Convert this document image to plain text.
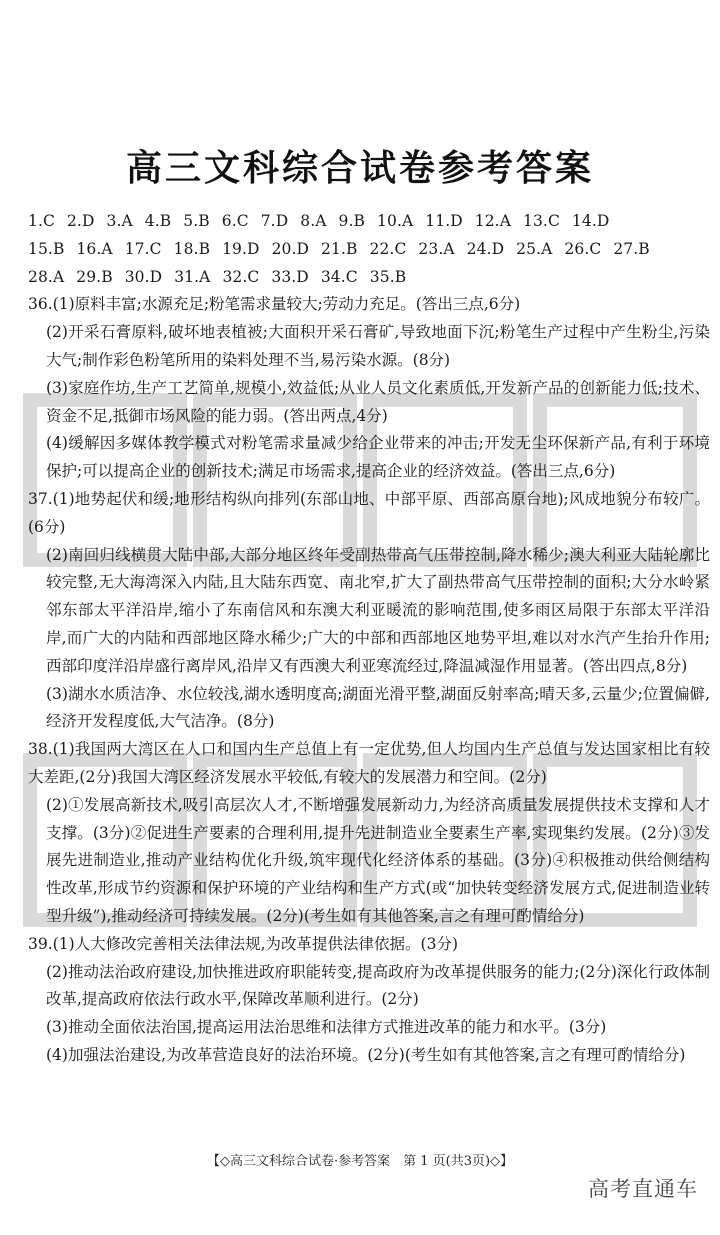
高三文科综合试卷参考答案
1.C 2.D 3.A 4.B 5.B 6.C 7.D 8.A 9.B 10.A 11.D 12.A 13.C 14.D
15.B 16.A 17.C 18.B 19.D 20.D 21.B 22.C 23.A 24.D 25.A 26.C 27.B
28.A 29.B 30.D 31.A 32.C 33.D 34.C 35.B

36.(1)原料丰富;水源充足;粉笔需求量较大;劳动力充足。(答出三点,6分)

(2)开采石膏原料,破坏地表植被;大面积开采石膏矿,导致地面下沉;粉笔生产过程中产生粉尘,污染大气;制作彩色粉笔所用的染料处理不当,易污染水源。(8分)

(3)家庭作坊,生产工艺简单,规模小,效益低;从业人员文化素质低,开发新产品的创新能力低;技术、资金不足,抵御市场风险的能力弱。(答出两点,4分)

(4)缓解因多媒体教学模式对粉笔需求量减少给企业带来的冲击;开发无尘环保新产品,有利于环境保护;可以提高企业的创新技术;满足市场需求,提高企业的经济效益。(答出三点,6分)

37.(1)地势起伏和缓;地形结构纵向排列(东部山地、中部平原、西部高原台地);风成地貌分布较广。(6分)

(2)南回归线横贯大陆中部,大部分地区终年受副热带高气压带控制,降水稀少;澳大利亚大陆轮廓比较完整,无大海湾深入内陆,且大陆东西宽、南北窄,扩大了副热带高气压带控制的面积;大分水岭紧邻东部太平洋沿岸,缩小了东南信风和东澳大利亚暖流的影响范围,使多雨区局限于东部太平洋沿岸,而广大的内陆和西部地区降水稀少;广大的中部和西部地区地势平坦,难以对水汽产生抬升作用;西部印度洋沿岸盛行离岸风,沿岸又有西澳大利亚寒流经过,降温减湿作用显著。(答出四点,8分)

(3)湖水水质洁净、水位较浅,湖水透明度高;湖面光滑平整,湖面反射率高;晴天多,云量少;位置偏僻,经济开发程度低,大气洁净。(8分)

38.(1)我国两大湾区在人口和国内生产总值上有一定优势,但人均国内生产总值与发达国家相比有较大差距,(2分)我国大湾区经济发展水平较低,有较大的发展潜力和空间。(2分)

(2)①发展高新技术,吸引高层次人才,不断增强发展新动力,为经济高质量发展提供技术支撑和人才支撑。(3分)②促进生产要素的合理利用,提升先进制造业全要素生产率,实现集约发展。(2分)③发展先进制造业,推动产业结构优化升级,筑牢现代化经济体系的基础。(3分)④积极推动供给侧结构性改革,形成节约资源和保护环境的产业结构和生产方式(或“加快转变经济发展方式,促进制造业转型升级”),推动经济可持续发展。(2分)(考生如有其他答案,言之有理可酌情给分)

39.(1)人大修改完善相关法律法规,为改革提供法律依据。(3分)

(2)推动法治政府建设,加快推进政府职能转变,提高政府为改革提供服务的能力;(2分)深化行政体制改革,提高政府依法行政水平,保障改革顺利进行。(2分)

(3)推动全面依法治国,提高运用法治思维和法律方式推进改革的能力和水平。(3分)

(4)加强法治建设,为改革营造良好的法治环境。(2分)(考生如有其他答案,言之有理可酌情给分)

【◇高三文科综合试卷·参考答案　第 1 页(共3页)◇】
高考直通车
